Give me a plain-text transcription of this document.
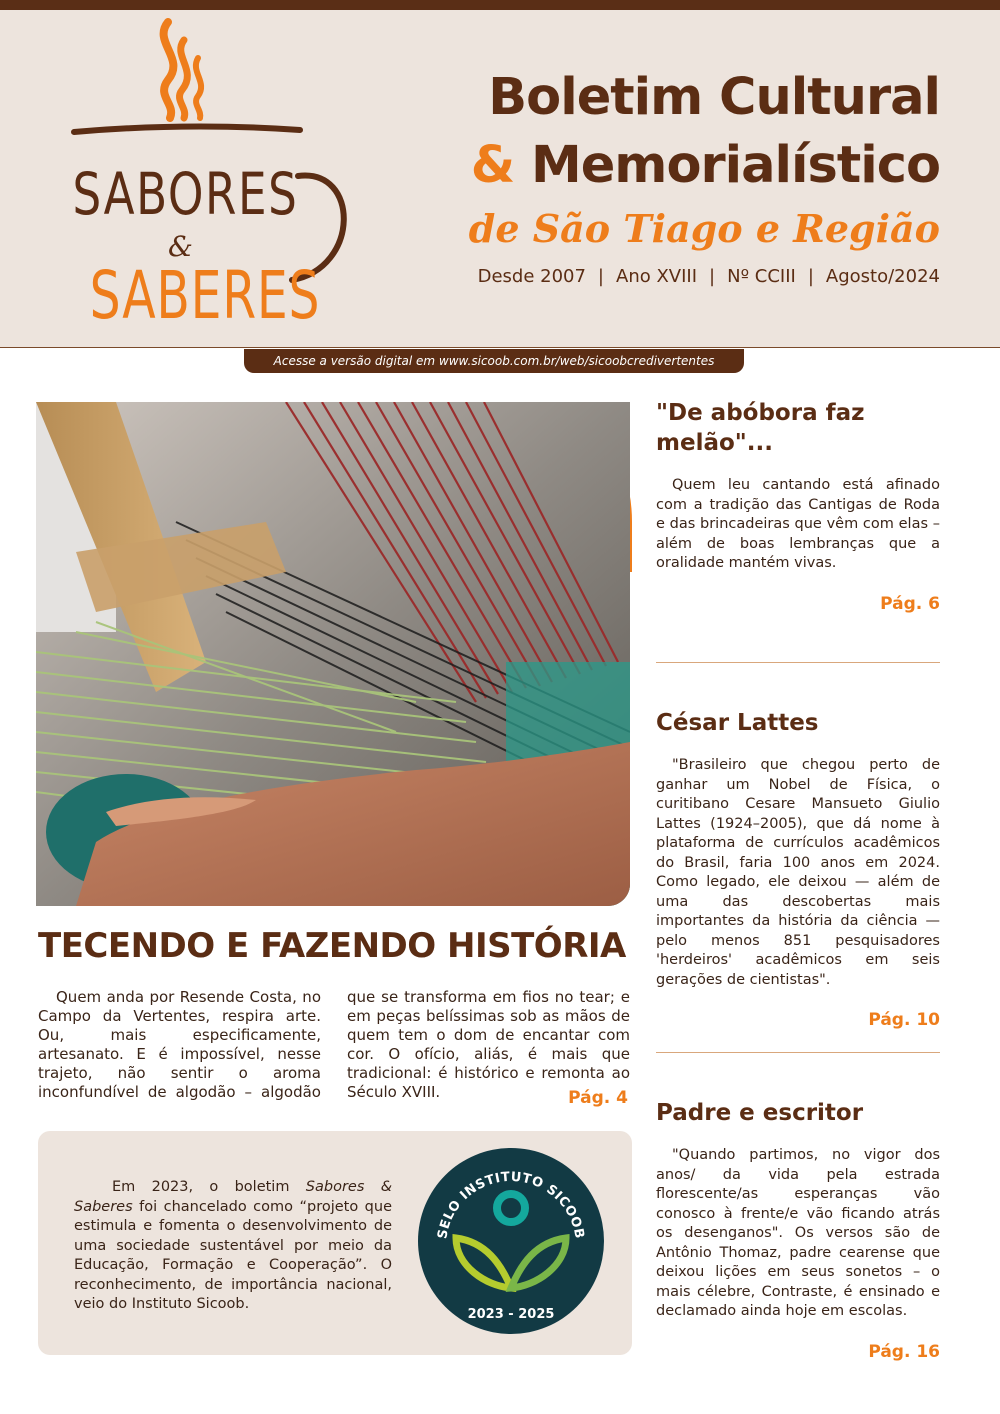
SABORES
&
SABERES
Boletim Cultural
& Memorialístico
de São Tiago e Região
Desde 2007 | Ano XVIII | Nº CCIII | Agosto/2024
Acesse a versão digital em www.sicoob.com.br/web/sicoobcredivertentes
TECENDO E FAZENDO HISTÓRIA

Quem anda por Resende Costa, no Campo da Vertentes, respira arte. Ou, mais especificamente, artesanato. E é impossível, nesse trajeto, não sentir o aroma inconfundível de algodão – algodão que se transforma em fios no tear; e em peças belíssimas sob as mãos de quem tem o dom de encantar com cor. O ofício, aliás, é mais que tradicional: é histórico e remonta ao Século XVIII.	Pág. 4

Em 2023, o boletim Sabores & Saberes foi chancelado como “projeto que estimula e fomenta o desenvolvimento de uma sociedade sustentável por meio da Educação, Formação e Cooperação”. O reconhecimento, de importância nacional, veio do Instituto Sicoob.

SELO INSTITUTO SICOOB
2023 - 2025
"De abóbora faz melão"...

Quem leu cantando está afinado com a tradição das Cantigas de Roda e das brincadeiras que vêm com elas – além de boas lembranças que a oralidade mantém vivas.

Pág. 6
César Lattes

"Brasileiro que chegou perto de ganhar um Nobel de Física, o curitibano Cesare Mansueto Giulio Lattes (1924–2005), que dá nome à plataforma de currículos acadêmicos do Brasil, faria 100 anos em 2024. Como legado, ele deixou — além de uma das descobertas mais importantes da história da ciência — pelo menos 851 pesquisadores 'herdeiros' acadêmicos em seis gerações de cientistas".

Pág. 10
Padre e escritor

"Quando partimos, no vigor dos anos/ da vida pela estrada florescente/as esperanças vão conosco à frente/e vão ficando atrás os desenganos". Os versos são de Antônio Thomaz, padre cearense que deixou lições em seus sonetos – o mais célebre, Contraste, é ensinado e declamado ainda hoje em escolas.

Pág. 16
